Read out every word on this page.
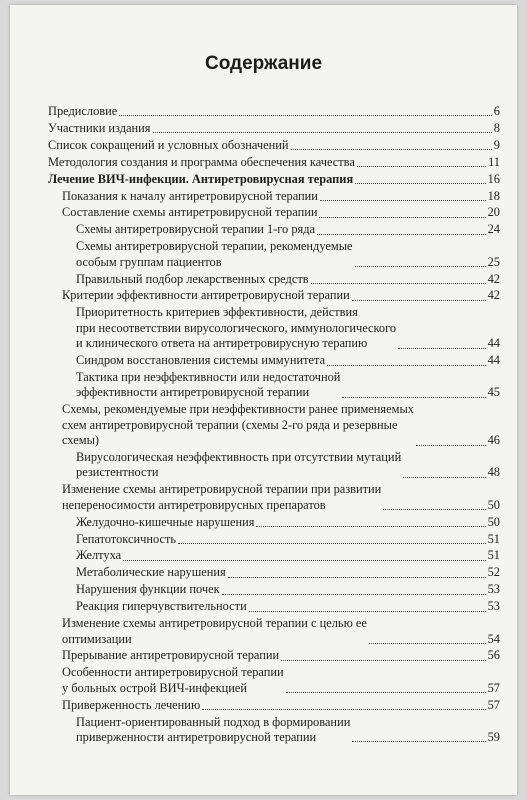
Содержание
Предисловие	6
Участники издания	8
Список сокращений и условных обозначений	9
Методология создания и программа обеспечения качества	11
Лечение ВИЧ-инфекции. Антиретровирусная терапия	16
Показания к началу антиретровирусной терапии	18
Составление схемы антиретровирусной терапии	20
Схемы антиретровирусной терапии 1-го ряда	24
Схемы антиретровирусной терапии, рекомендуемые
особым группам пациентов	25
Правильный подбор лекарственных средств	42
Критерии эффективности антиретровирусной терапии	42
Приоритетность критериев эффективности, действия
при несоответствии вирусологического, иммунологического
и клинического ответа на антиретровирусную терапию	44
Синдром восстановления системы иммунитета	44
Тактика при неэффективности или недостаточной
эффективности антиретровирусной терапии	45
Схемы, рекомендуемые при неэффективности ранее применяемых
схем антиретровирусной терапии (схемы 2-го ряда и резервные
схемы)	46
Вирусологическая неэффективность при отсутствии мутаций
резистентности	48
Изменение схемы антиретровирусной терапии при развитии
непереносимости антиретровирусных препаратов	50
Желудочно-кишечные нарушения	50
Гепатотоксичность	51
Желтуха	51
Метаболические нарушения	52
Нарушения функции почек	53
Реакция гиперчувствительности	53
Изменение схемы антиретровирусной терапии с целью ее
оптимизации	54
Прерывание антиретровирусной терапии	56
Особенности антиретровирусной терапии
у больных острой ВИЧ-инфекцией	57
Приверженность лечению	57
Пациент-ориентированный подход в формировании
приверженности антиретровирусной терапии	59
